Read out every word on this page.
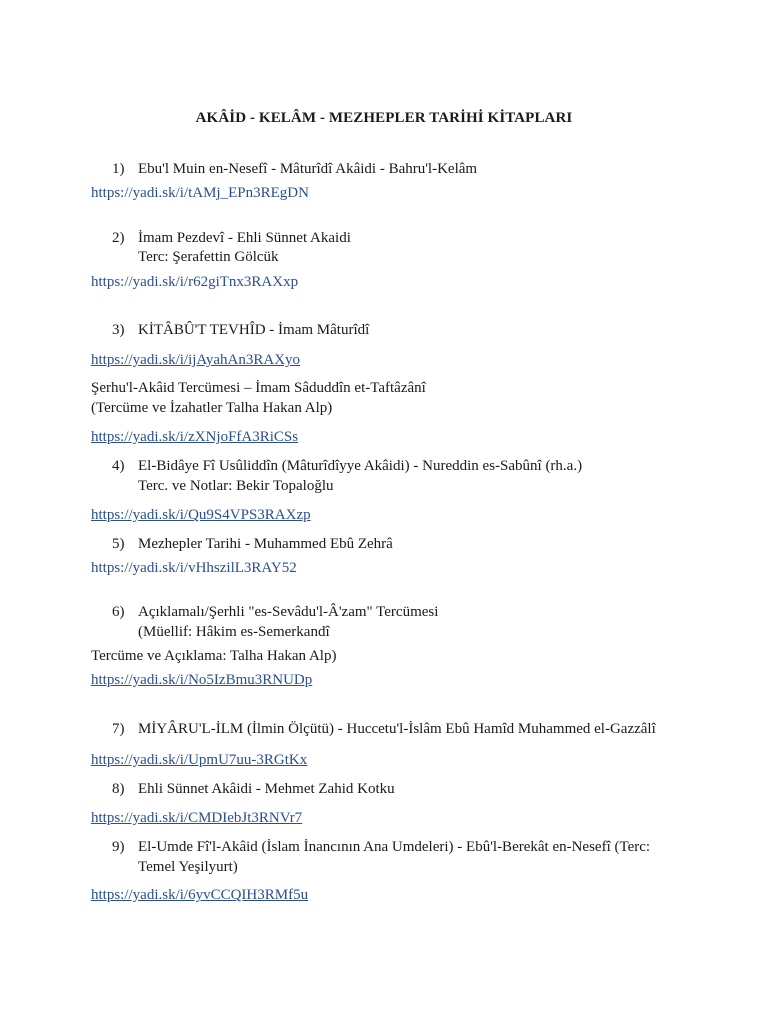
AKÂİD - KELÂM - MEZHEPLER TARİHİ KİTAPLARI
1) Ebu'l Muin en-Nesefî - Mâturîdî Akâidi - Bahru'l-Kelâm
https://yadi.sk/i/tAMj_EPn3REgDN
2) İmam Pezdevî - Ehli Sünnet Akaidi
Terc: Şerafettin Gölcük
https://yadi.sk/i/r62giTnx3RAXxp
3) KİTÂBÛ'T TEVHÎD - İmam Mâturîdî
https://yadi.sk/i/ijAyahAn3RAXyo
Şerhu'l-Akâid Tercümesi – İmam Sâduddîn et-Taftâzânî
(Tercüme ve İzahatler Talha Hakan Alp)
https://yadi.sk/i/zXNjoFfA3RiCSs
4) El-Bidâye Fî Usûliddîn (Mâturîdîyye Akâidi) - Nureddin es-Sabûnî (rh.a.)
Terc. ve Notlar: Bekir Topaloğlu
https://yadi.sk/i/Qu9S4VPS3RAXzp
5) Mezhepler Tarihi - Muhammed Ebû Zehrâ
https://yadi.sk/i/vHhszilL3RAY52
6) Açıklamalı/Şerhli "es-Sevâdu'l-Â'zam" Tercümesi
(Müellif: Hâkim es-Semerkandî
Tercüme ve Açıklama: Talha Hakan Alp)
https://yadi.sk/i/No5IzBmu3RNUDp
7) MİYÂRU'L-İLM (İlmin Ölçütü) - Huccetu'l-İslâm Ebû Hamîd Muhammed el-Gazzâlî
https://yadi.sk/i/UpmU7uu-3RGtKx
8) Ehli Sünnet Akâidi - Mehmet Zahid Kotku
https://yadi.sk/i/CMDIebJt3RNVr7
9) El-Umde Fî'l-Akâid (İslam İnancının Ana Umdeleri) - Ebû'l-Berekât en-Nesefî (Terc:
Temel Yeşilyurt)
https://yadi.sk/i/6yvCCQIH3RMf5u
